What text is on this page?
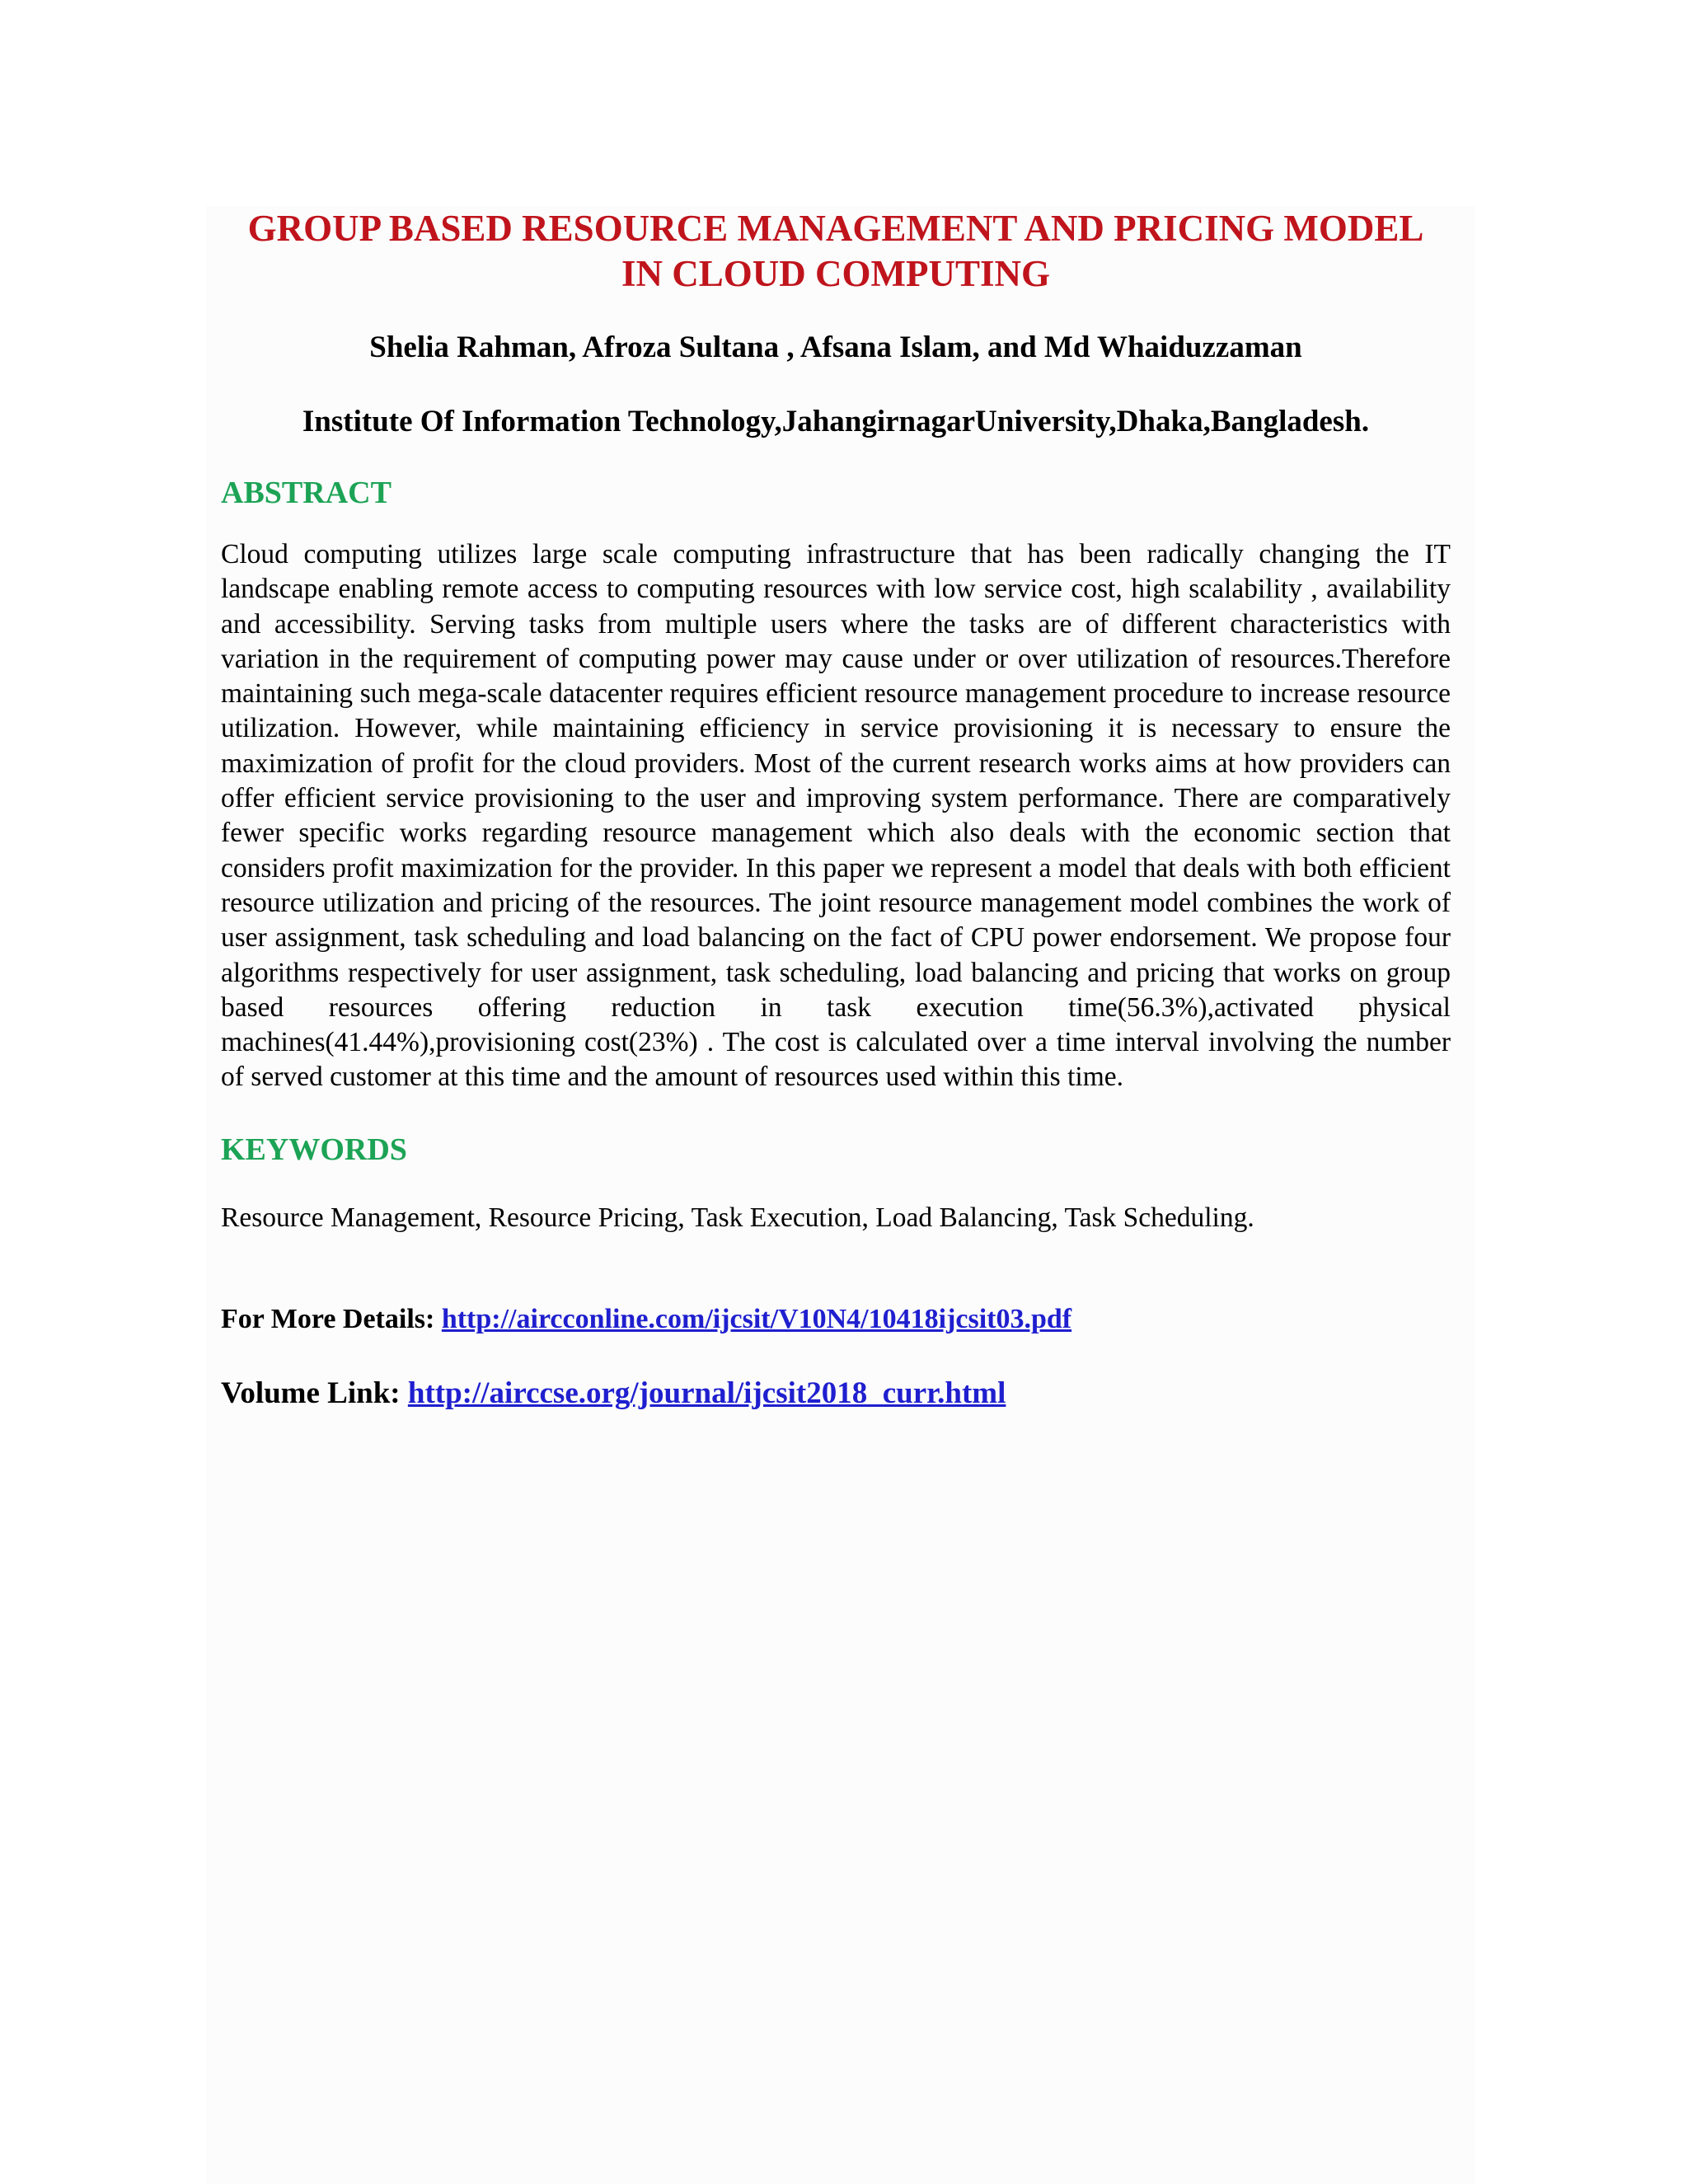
GROUP BASED RESOURCE MANAGEMENT AND PRICING MODEL
IN CLOUD COMPUTING

Shelia Rahman, Afroza Sultana , Afsana Islam, and Md Whaiduzzaman

Institute Of Information Technology,JahangirnagarUniversity,Dhaka,Bangladesh.

ABSTRACT

Cloud computing utilizes large scale computing infrastructure that has been radically changing the IT landscape enabling remote access to computing resources with low service cost, high scalability , availability and accessibility. Serving tasks from multiple users where the tasks are of different characteristics with variation in the requirement of computing power may cause under or over utilization of resources.Therefore maintaining such mega-scale datacenter requires efficient resource management procedure to increase resource utilization. However, while maintaining efficiency in service provisioning it is necessary to ensure the maximization of profit for the cloud providers. Most of the current research works aims at how providers can offer efficient service provisioning to the user and improving system performance. There are comparatively fewer specific works regarding resource management which also deals with the economic section that considers profit maximization for the provider. In this paper we represent a model that deals with both efficient resource utilization and pricing of the resources. The joint resource management model combines the work of user assignment, task scheduling and load balancing on the fact of CPU power endorsement. We propose four algorithms respectively for user assignment, task scheduling, load balancing and pricing that works on group based resources offering reduction in task execution time(56.3%),activated physical machines(41.44%),provisioning cost(23%) . The cost is calculated over a time interval involving the number of served customer at this time and the amount of resources used within this time.

KEYWORDS

Resource Management, Resource Pricing, Task Execution, Load Balancing, Task Scheduling.

For More Details: http://aircconline.com/ijcsit/V10N4/10418ijcsit03.pdf

Volume Link: http://airccse.org/journal/ijcsit2018_curr.html
